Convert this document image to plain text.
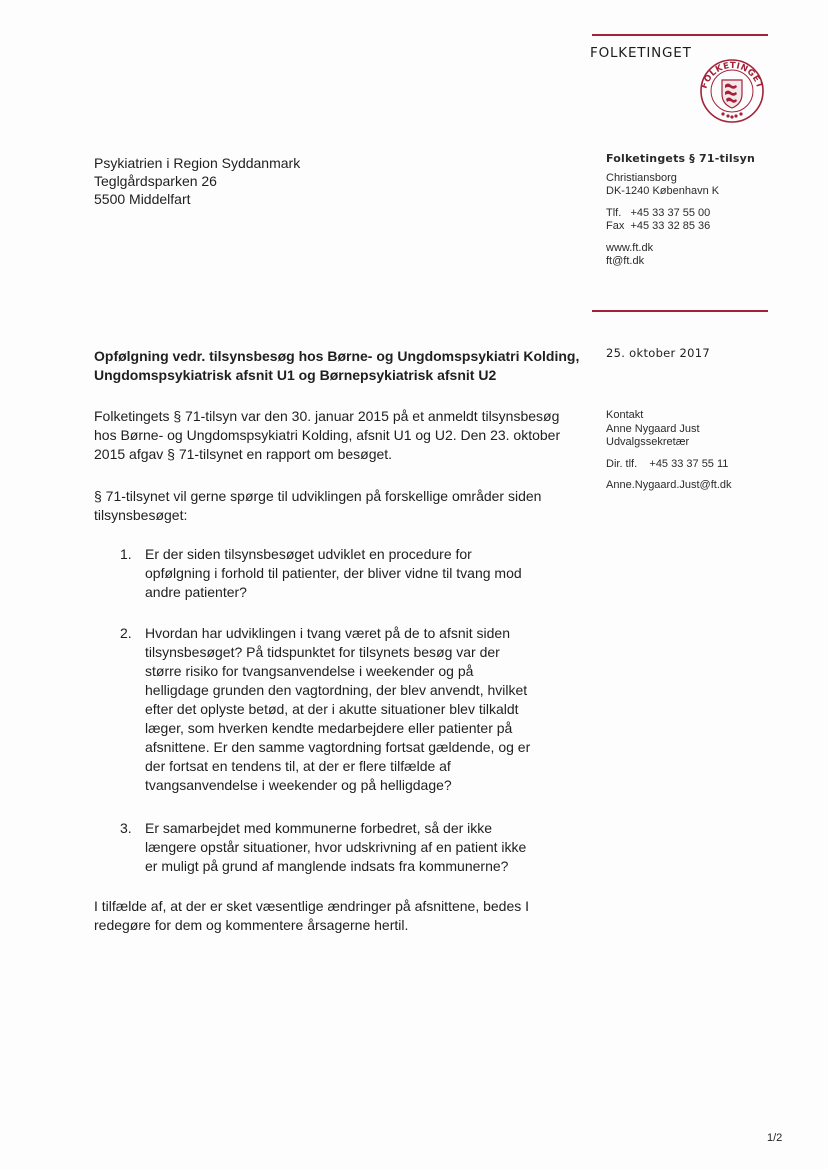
FOLKETINGET
FOLKETINGET
Psykiatrien i Region Syddanmark
Teglgårdsparken 26
5500 Middelfart
Folketingets § 71-tilsyn
Christiansborg
DK-1240 København K
Tlf.   +45 33 37 55 00
Fax  +45 33 32 85 36
www.ft.dk
ft@ft.dk
25. oktober 2017
Kontakt
Anne Nygaard Just
Udvalgssekretær
Dir. tlf.    +45 33 37 55 11
Anne.Nygaard.Just@ft.dk
Opfølgning vedr. tilsynsbesøg hos Børne- og Ungdomspsykiatri Kolding,
Ungdomspsykiatrisk afsnit U1 og Børnepsykiatrisk afsnit U2
Folketingets § 71-tilsyn var den 30. januar 2015 på et anmeldt tilsynsbesøg
hos Børne- og Ungdomspsykiatri Kolding, afsnit U1 og U2. Den 23. oktober
2015 afgav § 71-tilsynet en rapport om besøget.
§ 71-tilsynet vil gerne spørge til udviklingen på forskellige områder siden
tilsynsbesøget:
1. Er der siden tilsynsbesøget udviklet en procedure for
opfølgning i forhold til patienter, der bliver vidne til tvang mod
andre patienter?
2. Hvordan har udviklingen i tvang været på de to afsnit siden
tilsynsbesøget? På tidspunktet for tilsynets besøg var der
større risiko for tvangsanvendelse i weekender og på
helligdage grunden den vagtordning, der blev anvendt, hvilket
efter det oplyste betød, at der i akutte situationer blev tilkaldt
læger, som hverken kendte medarbejdere eller patienter på
afsnittene. Er den samme vagtordning fortsat gældende, og er
der fortsat en tendens til, at der er flere tilfælde af
tvangsanvendelse i weekender og på helligdage?
3. Er samarbejdet med kommunerne forbedret, så der ikke
længere opstår situationer, hvor udskrivning af en patient ikke
er muligt på grund af manglende indsats fra kommunerne?
I tilfælde af, at der er sket væsentlige ændringer på afsnittene, bedes I
redegøre for dem og kommentere årsagerne hertil.
1/2
